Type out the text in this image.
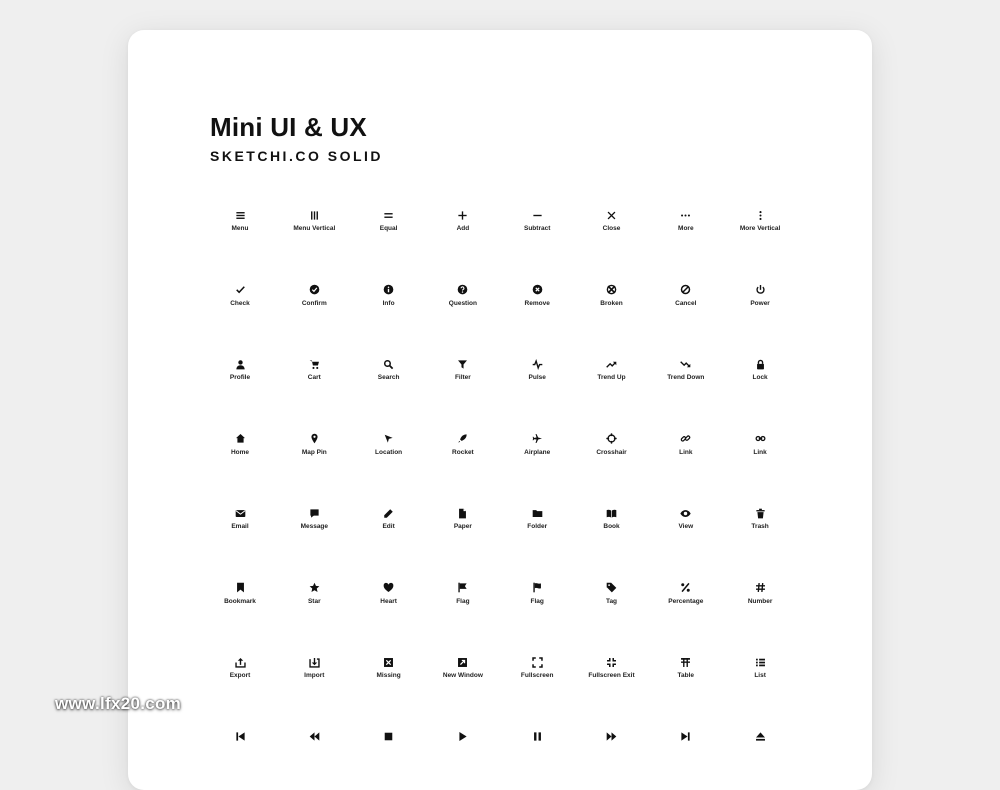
Mini UI & UX
SKETCHI.CO SOLID
Menu	Menu Vertical	Equal	Add	Subtract	Close	More	More Vertical
Check	Confirm	Info	Question	Remove	Broken	Cancel	Power
Profile	Cart	Search	Filter	Pulse	Trend Up	Trend Down	Lock
Home	Map Pin	Location	Rocket	Airplane	Crosshair	Link	Link
Email	Message	Edit	Paper	Folder	Book	View	Trash
Bookmark	Star	Heart	Flag	Flag	Tag	Percentage	Number
Export	Import	Missing	New Window	Fullscreen	Fullscreen Exit	Table	List
www.lfx20.com
